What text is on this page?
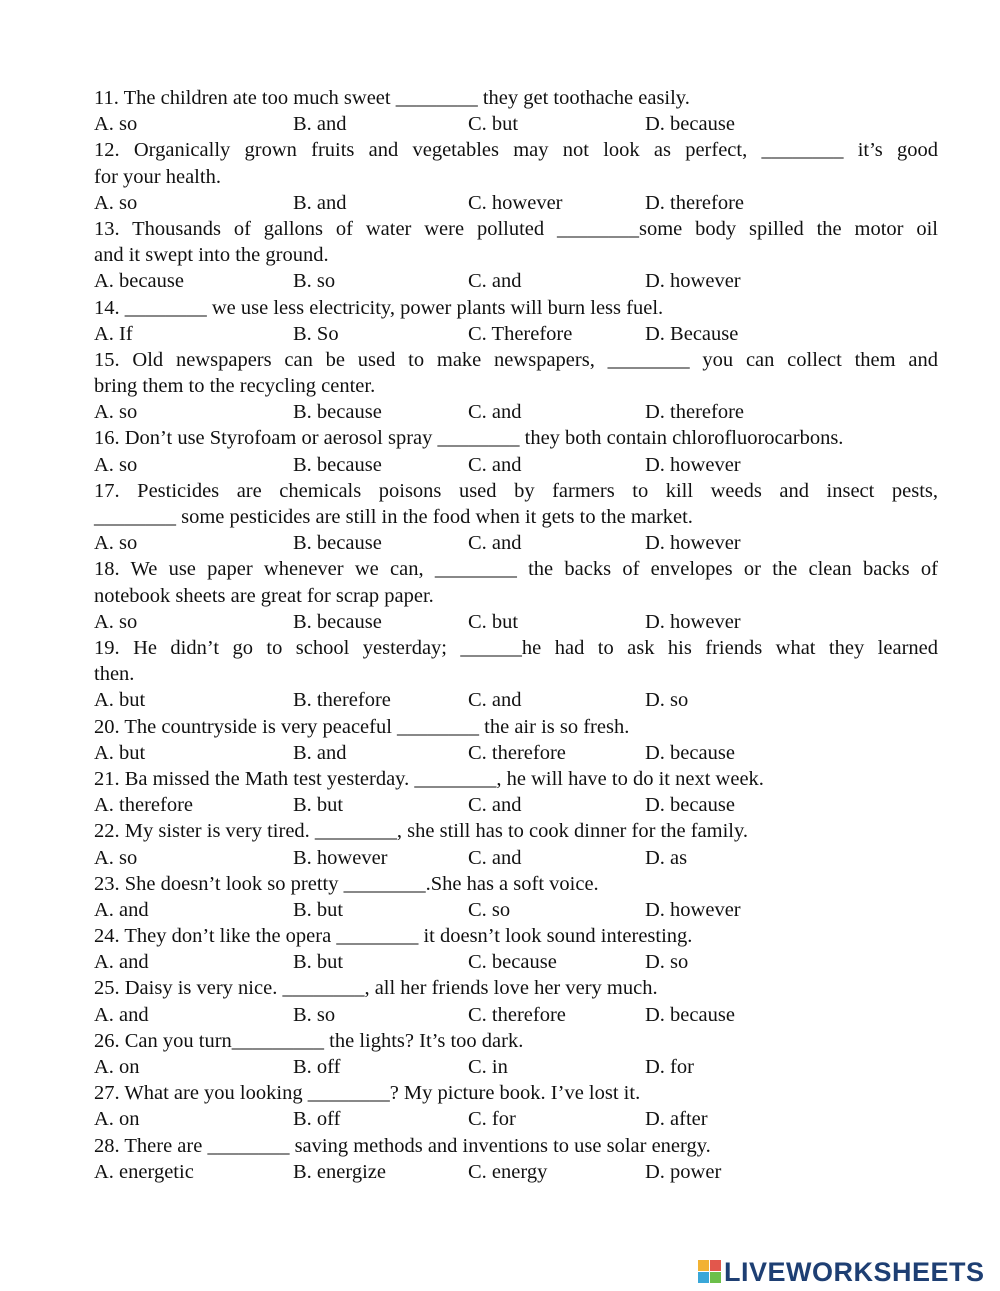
11. The children ate too much sweet ________ they get toothache easily.
A. so	B. and	C. but	D. because
12. Organically grown fruits and vegetables may not look as perfect, ________ it’s good
for your health.
A. so	B. and	C. however	D. therefore
13. Thousands of gallons of water were polluted ________some body spilled the motor oil
and it swept into the ground.
A. because	B. so	C. and	D. however
14. ________ we use less electricity, power plants will burn less fuel.
A. If	B. So	C. Therefore	D. Because
15. Old newspapers can be used to make newspapers, ________ you can collect them and
bring them to the recycling center.
A. so	B. because	C. and	D. therefore
16. Don’t use Styrofoam or aerosol spray ________ they both contain chlorofluorocarbons.
A. so	B. because	C. and	D. however
17. Pesticides are chemicals poisons used by farmers to kill weeds and insect pests,
________ some pesticides are still in the food when it gets to the market.
A. so	B. because	C. and	D. however
18. We use paper whenever we can, ________ the backs of envelopes or the clean backs of
notebook sheets are great for scrap paper.
A. so	B. because	C. but	D. however
19. He didn’t go to school yesterday; ______he had to ask his friends what they learned
then.
A. but	B. therefore	C. and	D. so
20. The countryside is very peaceful ________ the air is so fresh.
A. but	B. and	C. therefore	D. because
21. Ba missed the Math test yesterday. ________, he will have to do it next week.
A. therefore	B. but	C. and	D. because
22. My sister is very tired. ________, she still has to cook dinner for the family.
A. so	B. however	C. and	D. as
23. She doesn’t look so pretty ________.She has a soft voice.
A. and	B. but	C. so	D. however
24. They don’t like the opera ________ it doesn’t look sound interesting.
A. and	B. but	C. because	D. so
25. Daisy is very nice. ________, all her friends love her very much.
A. and	B. so	C. therefore	D. because
26. Can you turn_________ the lights? It’s too dark.
A. on	B. off	C. in	D. for
27. What are you looking ________? My picture book. I’ve lost it.
A. on	B. off	C. for	D. after
28. There are ________ saving methods and inventions to use solar energy.
A. energetic	B. energize	C. energy	D. power
LIVEWORKSHEETS
